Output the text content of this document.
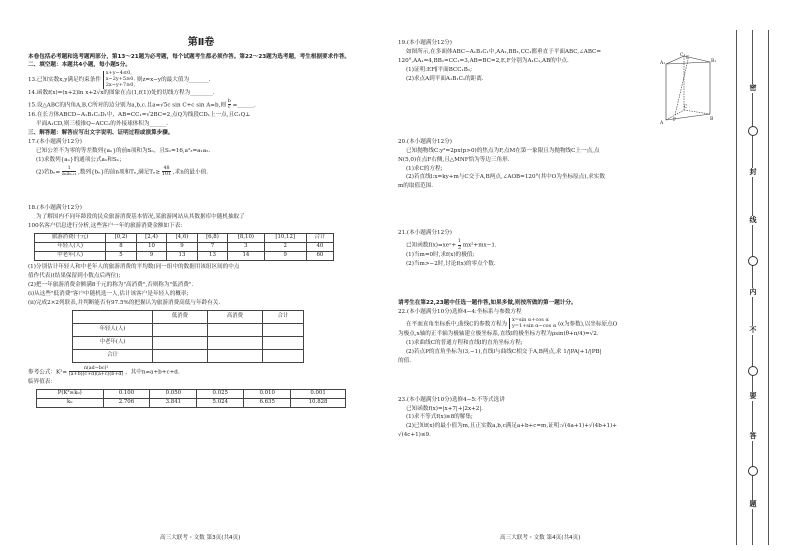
第Ⅱ卷

本卷包括必考题和选考题两部分，第13～21题为必考题，每个试题考生都必须作答。第22～23题为选考题，考生根据要求作答。

二、填空题：本题共4小题，每小题5分。

13.已知实数x,y满足约束条件
x+y−4≤0,
x−2y+5≥0,
2x−y+7≥0,
则z=x−y的最大值为_______.

14.函数f(x)=(x+2)ln x+2√x的图象在点(1,f(1))处的切线方程为________.

15.设△ABC的内角A,B,C所对的边分别为a,b,c.且a=√5c sin C+c sin A=b,则 $\frac{b}{c}$ =______.

16.在长方体ABCD−A₁B₁C₁D₁中，AB=CC₁=√2BC=2,点Q为线段CD₁上一点,且C₁Q⊥

平面A₁CD,则三棱锥Q−ACC₁的外接球体积为______.

三、解答题：解答应写出文字说明、证明过程或演算步骤。

17.(本小题满分12分)

已知公差不为零的等差数列{aₙ}的前n项和为Sₙ，且S₁=16,a²₃=a₁a₅.

(1)求数列{aₙ}的通项公式aₙ和Sₙ；

(2)若$b_n= \frac{1}{\text{aₙaₙ₊₁}}$ ,数列{bₙ}的前n项和Tₙ,满足$T_n\ge \frac{48}{101}$ ,求n的最小值.

18.(本小题满分12分)

为了解国内不同年龄段的民众旅游消费基本情况,某旅游网站从其数据库中随机抽取了

100名客户信息进行分析,这些客户一年的旅游消费金额如下表:

旅游消费(千元)	[0,2)	[2,4)	[4,6)	[6,8)	[8,10)	[10,12]	合计
年轻人(人)	8	10	9	7	3	2	40
中老年(人)	5	9	13	13	14	9	60

(1)分别估计年轻人和中老年人的旅游消费的平均数(同一组中的数据用该组区间的中点

值作代表)(结果保留到小数点后两位);

(2)把一年旅游消费金额满8千元的称为"高消费",否则称为"低消费".

(i)从这些"低消费"客户中随机选一人,估计该客户是年轻人的概率;

(ii)完成2×2列联表,并判断能否有97.5%的把握认为旅游消费高低与年龄有关.

	低消费	高消费	合计
年轻人(人)			
中老年(人)			
合计			

参考公式：$K^2= \frac{\text{n(ad−bc)²}}{(a+b)(c+d)(a+c)(b+d)}$ ，其中n=a+b+c+d.

临界值表：

P(K²≥k₀)	0.100	0.050	0.025	0.010	0.001
k₀	2.706	3.841	5.024	6.635	10.828

19.(本小题满分12分)

如图所示,在多面体ABC−A₁B₁C₁中,AA₁,BB₁,CC₁都垂直于平面ABC,∠ABC=

120°,AA₁=4,BB₁=CC₁=3,AB=BC=2,E,F分别为A₁C₁,AB的中点.

(1)证明:EF∥平面BCC₁B₁;

(2)求点A到平面A₁B₁C₁的距离.

A₁
E
C₁
B₁
A
F
C
B

20.(本小题满分12分)

已知抛物线C:y²=2px(p>0)的焦点为F,点M在第一象限且为抛物线C上一点,点

N(5,0)在点F右侧,且△MNF恰为等边三角形.

(1)求C的方程;

(2)若直线l:x=ky+m与C交于A,B两点,∠AOB=120°(其中O为坐标原点),求实数

m的取值范围.

21.(本小题满分12分)

已知函数f(x)=xeˣ+ $\frac{1}{2} mx^2+mx-1$.

(1)当m=0时,求f(x)的极值;

(2)当m>−2时,讨论f(x)的零点个数.

请考生在第22,23题中任选一题作答,如果多做,则按所做的第一题计分。

22.(本小题满分10分)选修4−4:坐标系与参数方程

在平面直角坐标系中,曲线C的参数方程为
x=sin α+cos α
y=1+sin α−cos α (α为参数),以坐标原点O

为极点,x轴的正半轴为极轴建立极坐标系,直线l的极坐标方程为ρsin(θ+π/4)=√2.

(1)求曲线C的普通方程和直线l的直角坐标方程;

(2)若点P的直角坐标为(3,−1),直线l与曲线C相交于A,B两点,求 1/|PA|+1/|PB|

的值.

23.(本小题满分10分)选修4−5:不等式选讲

已知函数f(x)=|x+7|+|2x+2|.

(1)求不等式f(x)≥8的解集;

(2)已知f(x)的最小值为m,且正实数a,b,c满足a+b+c=m,证明:√(4a+1)+√(4b+1)+

√(4c+1)≤9.

高三大联考・文数 第3页(共4页)	高三大联考・文数 第4页(共4页)
密
封
线
内
不
要
答
题
